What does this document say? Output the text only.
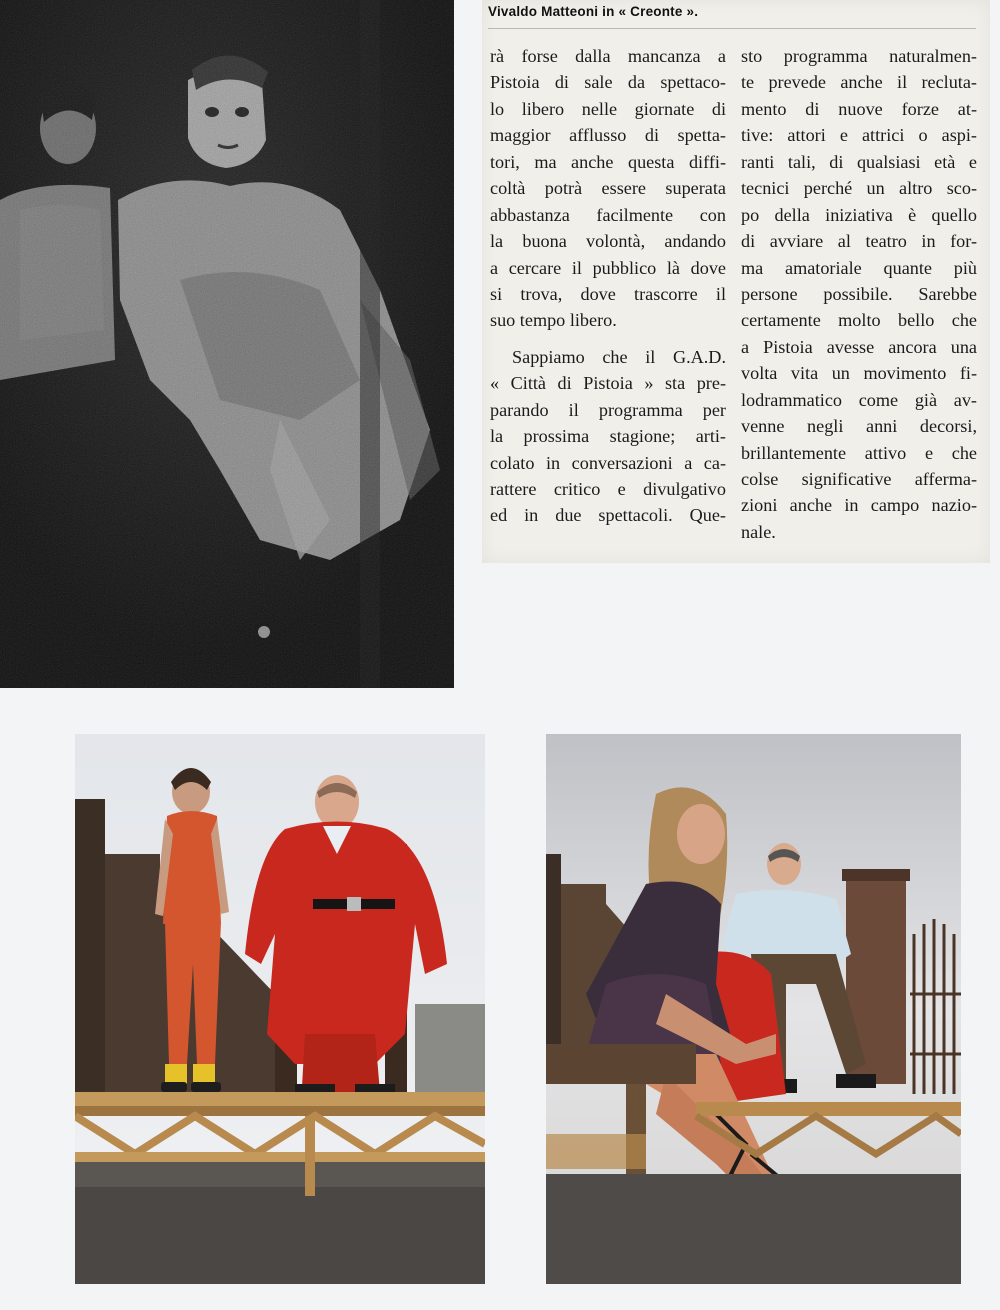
Vivaldo Matteoni in « Creonte ».
rà forse dalla mancanza a
Pistoia di sale da spettaco-
lo libero nelle giornate di
maggior afflusso di spetta-
tori, ma anche questa diffi-
coltà potrà essere superata
abbastanza facilmente con
la buona volontà, andando
a cercare il pubblico là dove
si trova, dove trascorre il
suo tempo libero.
Sappiamo che il G.A.D.
« Città di Pistoia » sta pre-
parando il programma per
la prossima stagione; arti-
colato in conversazioni a ca-
rattere critico e divulgativo
ed in due spettacoli. Que-
sto programma naturalmen-
te prevede anche il recluta-
mento di nuove forze at-
tive: attori e attrici o aspi-
ranti tali, di qualsiasi età e
tecnici perché un altro sco-
po della iniziativa è quello
di avviare al teatro in for-
ma amatoriale quante più
persone possibile. Sarebbe
certamente molto bello che
a Pistoia avesse ancora una
volta vita un movimento fi-
lodrammatico come già av-
venne negli anni decorsi,
brillantemente attivo e che
colse significative afferma-
zioni anche in campo nazio-
nale.
